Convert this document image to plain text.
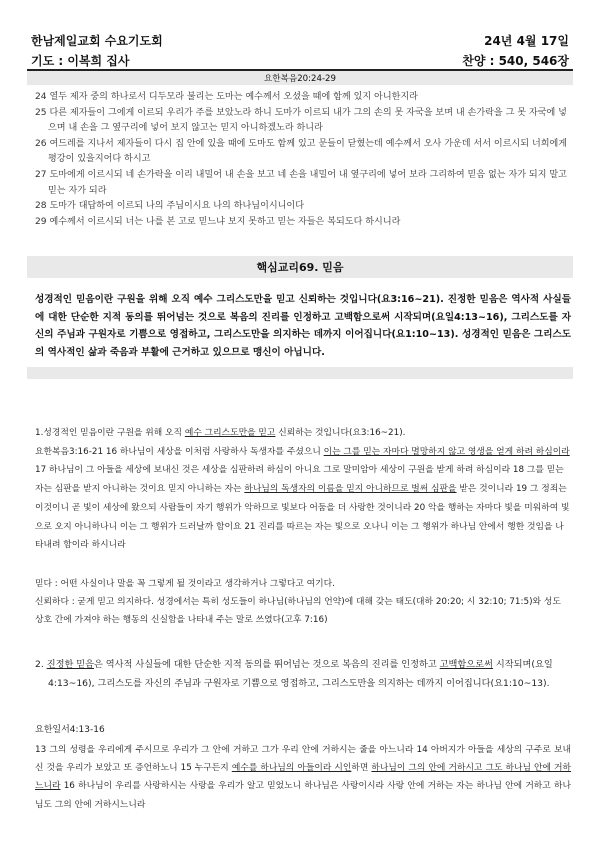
한남제일교회 수요기도회	24년 4월 17일
기도 : 이복희 집사	찬양 : 540, 546장
요한복음20:24-29
24 열두 제자 중의 하나로서 디두모라 불리는 도마는 예수께서 오셨을 때에 함께 있지 아니한지라
25 다른 제자들이 그에게 이르되 우리가 주를 보았노라 하니 도마가 이르되 내가 그의 손의 못 자국을 보며 내 손가락을 그 못 자국에 넣으며 내 손을 그 옆구리에 넣어 보지 않고는 믿지 아니하겠노라 하니라
26 여드레를 지나서 제자들이 다시 집 안에 있을 때에 도마도 함께 있고 문들이 닫혔는데 예수께서 오사 가운데 서서 이르시되 너희에게 평강이 있을지어다 하시고
27 도마에게 이르시되 네 손가락을 이리 내밀어 내 손을 보고 네 손을 내밀어 내 옆구리에 넣어 보라 그리하여 믿음 없는 자가 되지 말고 믿는 자가 되라
28 도마가 대답하여 이르되 나의 주님이시요 나의 하나님이시니이다
29 예수께서 이르시되 너는 나를 본 고로 믿느냐 보지 못하고 믿는 자들은 복되도다 하시니라
핵심교리69. 믿음
성경적인 믿음이란 구원을 위해 오직 예수 그리스도만을 믿고 신뢰하는 것입니다(요3:16~21). 진정한 믿음은 역사적 사실들에 대한 단순한 지적 동의를 뛰어넘는 것으로 복음의 진리를 인정하고 고백함으로써 시작되며(요일4:13~16), 그리스도를 자신의 주님과 구원자로 기쁨으로 영접하고, 그리스도만을 의지하는 데까지 이어집니다(요1:10~13). 성경적인 믿음은 그리스도의 역사적인 삶과 죽음과 부활에 근거하고 있으므로 맹신이 아닙니다.
1.성경적인 믿음이란 구원을 위해 오직 예수 그리스도만을 믿고 신뢰하는 것입니다(요3:16~21).
요한복음3:16-21 16 하나님이 세상을 이처럼 사랑하사 독생자를 주셨으니 이는 그를 믿는 자마다 멸망하지 않고 영생을 얻게 하려 하심이라 17 하나님이 그 아들을 세상에 보내신 것은 세상을 심판하려 하심이 아니요 그로 말미암아 세상이 구원을 받게 하려 하심이라 18 그를 믿는 자는 심판을 받지 아니하는 것이요 믿지 아니하는 자는 하나님의 독생자의 이름을 믿지 아니하므로 벌써 심판을 받은 것이니라 19 그 정죄는 이것이니 곧 빛이 세상에 왔으되 사람들이 자기 행위가 악하므로 빛보다 어둠을 더 사랑한 것이니라 20 악을 행하는 자마다 빛을 미워하여 빛으로 오지 아니하나니 이는 그 행위가 드러날까 함이요 21 진리를 따르는 자는 빛으로 오나니 이는 그 행위가 하나님 안에서 행한 것임을 나타내려 함이라 하시니라
믿다 : 어떤 사실이나 말을 꼭 그렇게 될 것이라고 생각하거나 그렇다고 여기다.
신뢰하다 : 굳게 믿고 의지하다. 성경에서는 특히 성도들이 하나님(하나님의 언약)에 대해 갖는 태도(대하 20:20; 시 32:10; 71:5)와 성도 상호 간에 가져야 하는 행동의 신실함을 나타내 주는 말로 쓰였다(고후 7:16)
2. 진정한 믿음은 역사적 사실들에 대한 단순한 지적 동의를 뛰어넘는 것으로 복음의 진리를 인정하고 고백함으로써 시작되며(요일4:13~16), 그리스도를 자신의 주님과 구원자로 기쁨으로 영접하고, 그리스도만을 의지하는 데까지 이어집니다(요1:10~13).
요한일서4:13-16
13 그의 성령을 우리에게 주시므로 우리가 그 안에 거하고 그가 우리 안에 거하시는 줄을 아느니라 14 아버지가 아들을 세상의 구주로 보내신 것을 우리가 보았고 또 증언하노니 15 누구든지 예수를 하나님의 아들이라 시인하면 하나님이 그의 안에 거하시고 그도 하나님 안에 거하느니라 16 하나님이 우리를 사랑하시는 사랑을 우리가 알고 믿었노니 하나님은 사랑이시라 사랑 안에 거하는 자는 하나님 안에 거하고 하나님도 그의 안에 거하시느니라
